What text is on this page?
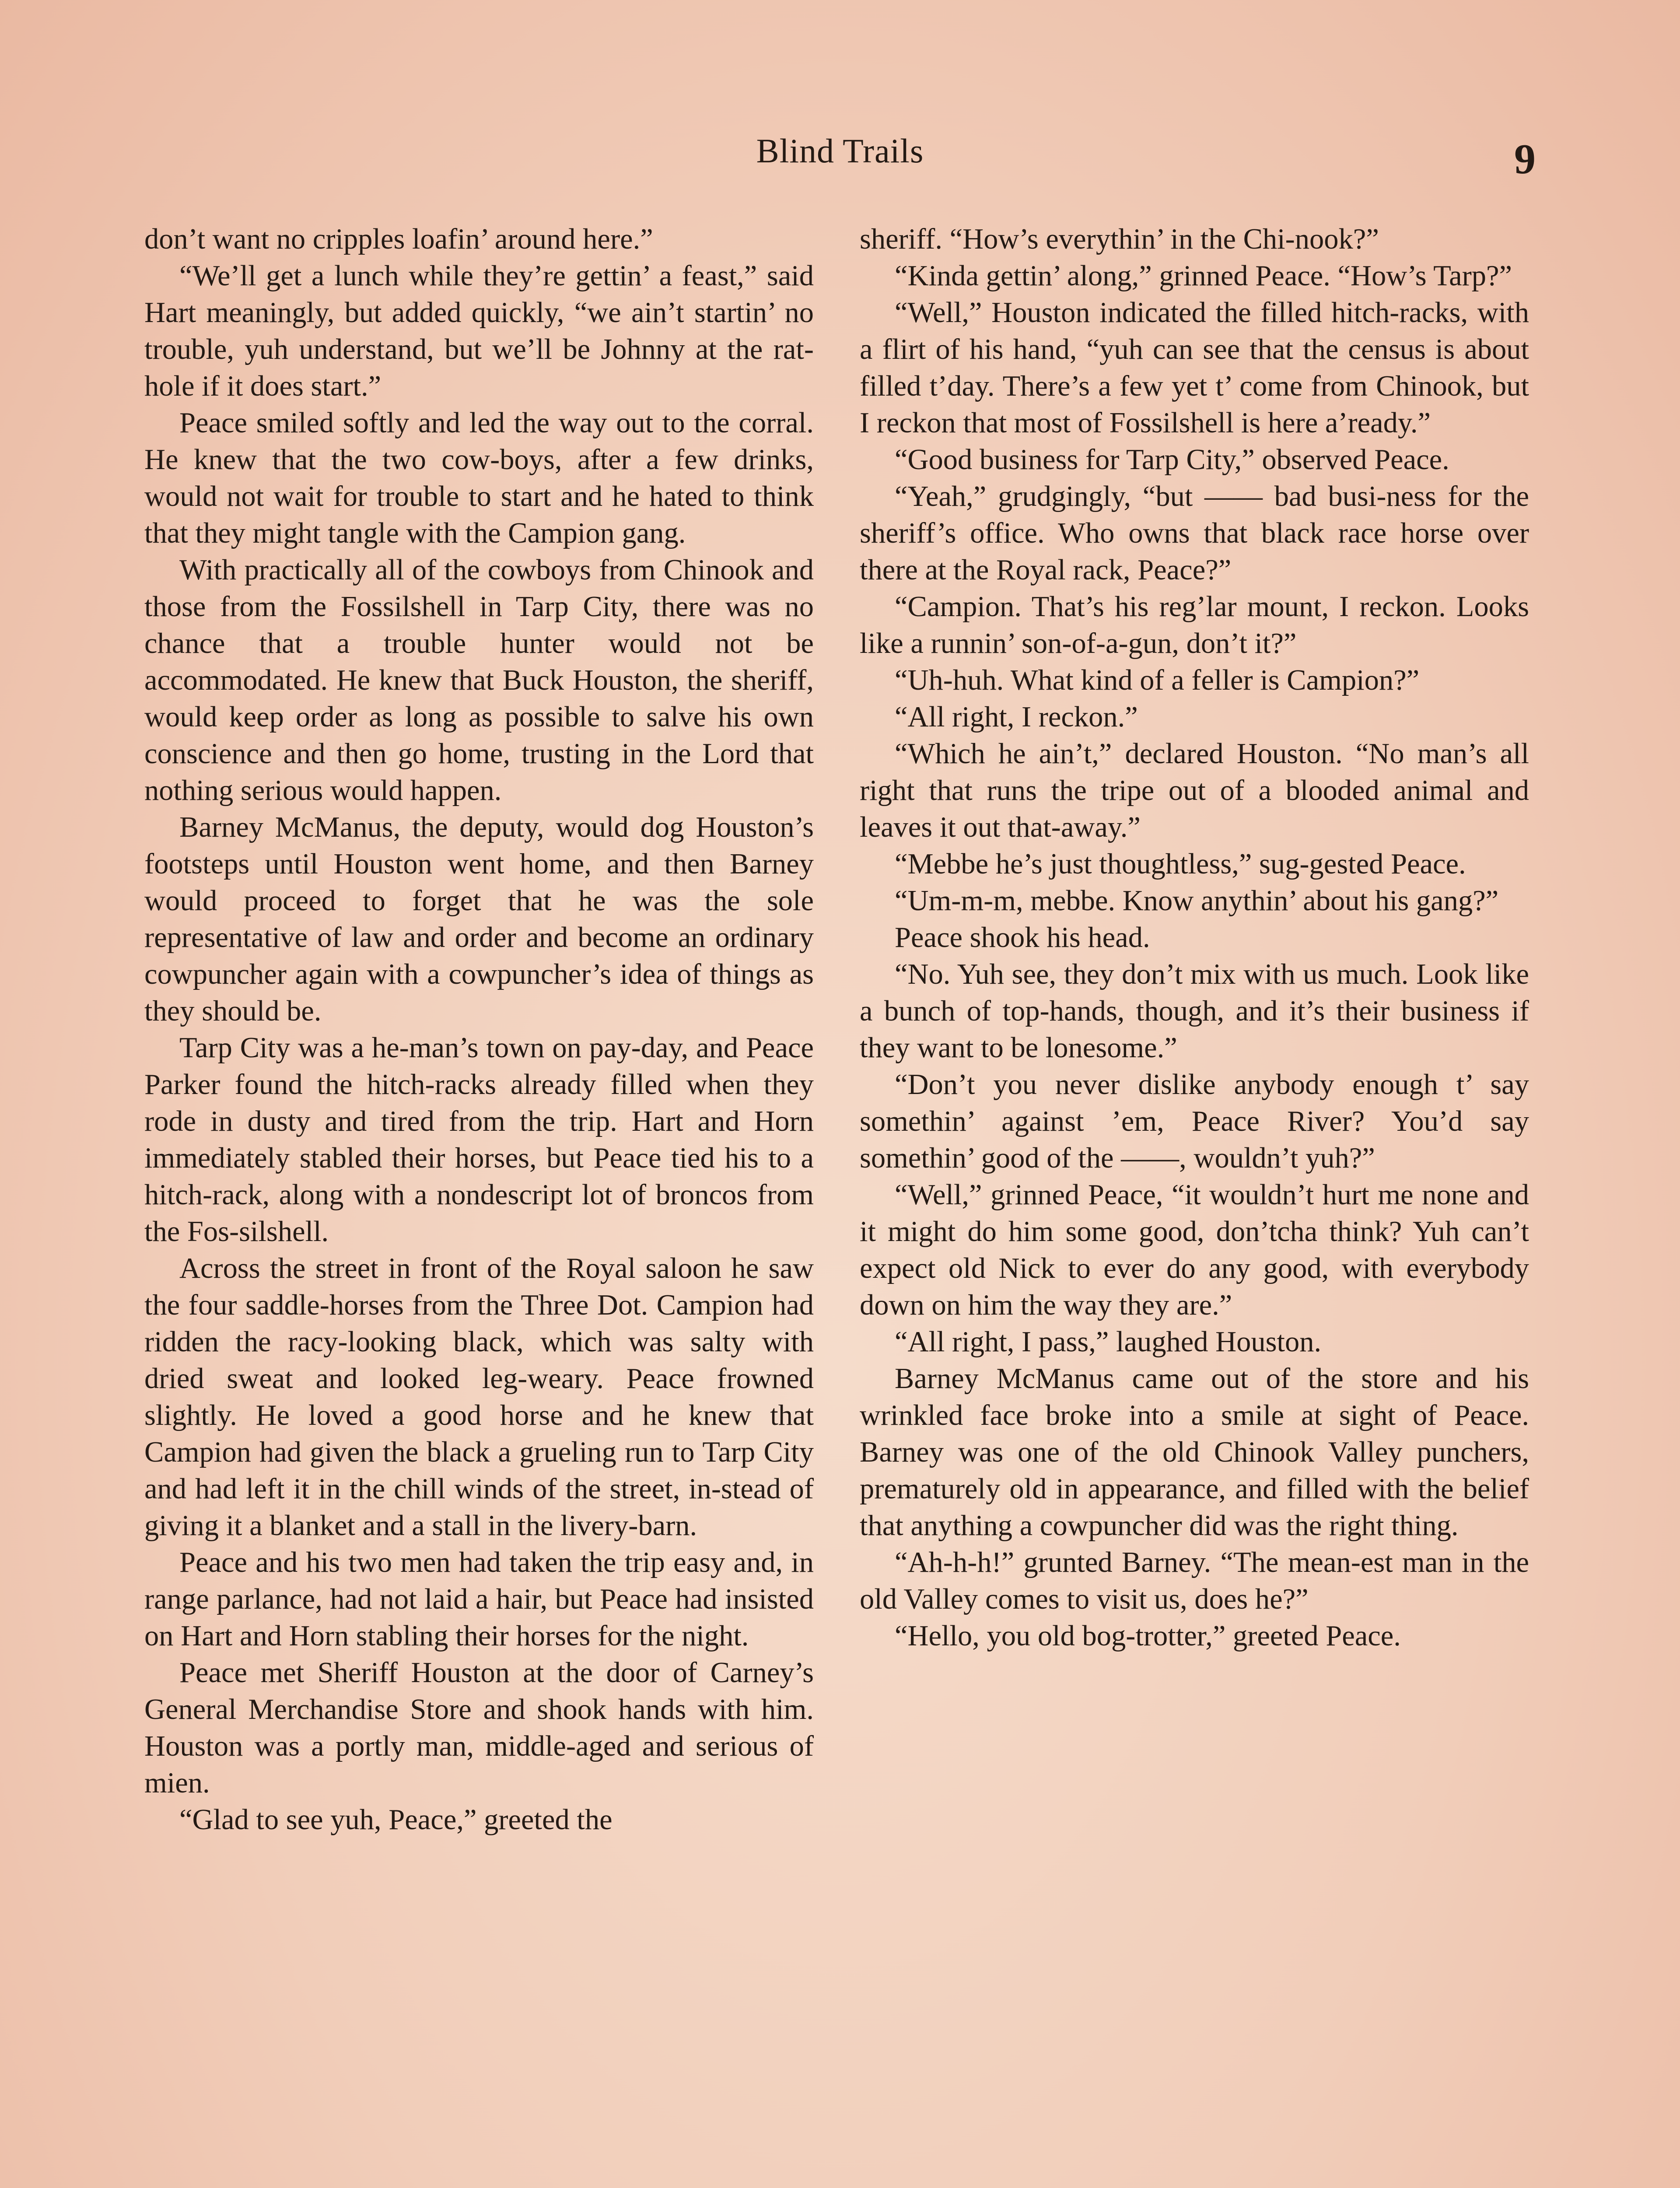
Blind Trails	9

don’t want no cripples loafin’ around here.”

“We’ll get a lunch while they’re gettin’ a feast,” said Hart meaningly, but added quickly, “we ain’t startin’ no trouble, yuh understand, but we’ll be Johnny at the rat-hole if it does start.”

Peace smiled softly and led the way out to the corral. He knew that the two cow-boys, after a few drinks, would not wait for trouble to start and he hated to think that they might tangle with the Campion gang.

With practically all of the cowboys from Chinook and those from the Fossilshell in Tarp City, there was no chance that a trouble hunter would not be accommodated. He knew that Buck Houston, the sheriff, would keep order as long as possible to salve his own conscience and then go home, trusting in the Lord that nothing serious would happen.

Barney McManus, the deputy, would dog Houston’s footsteps until Houston went home, and then Barney would proceed to forget that he was the sole representative of law and order and become an ordinary cowpuncher again with a cowpuncher’s idea of things as they should be.

Tarp City was a he-man’s town on pay-day, and Peace Parker found the hitch-racks already filled when they rode in dusty and tired from the trip. Hart and Horn immediately stabled their horses, but Peace tied his to a hitch-rack, along with a nondescript lot of broncos from the Fos-silshell.

Across the street in front of the Royal saloon he saw the four saddle-horses from the Three Dot. Campion had ridden the racy-looking black, which was salty with dried sweat and looked leg-weary. Peace frowned slightly. He loved a good horse and he knew that Campion had given the black a grueling run to Tarp City and had left it in the chill winds of the street, in-stead of giving it a blanket and a stall in the livery-barn.

Peace and his two men had taken the trip easy and, in range parlance, had not laid a hair, but Peace had insisted on Hart and Horn stabling their horses for the night.

Peace met Sheriff Houston at the door of Carney’s General Merchandise Store and shook hands with him. Houston was a portly man, middle-aged and serious of mien.

“Glad to see yuh, Peace,” greeted the

sheriff. “How’s everythin’ in the Chi-nook?”

“Kinda gettin’ along,” grinned Peace. “How’s Tarp?”

“Well,” Houston indicated the filled hitch-racks, with a flirt of his hand, “yuh can see that the census is about filled t’day. There’s a few yet t’ come from Chinook, but I reckon that most of Fossilshell is here a’ready.”

“Good business for Tarp City,” observed Peace.

“Yeah,” grudgingly, “but —— bad busi-ness for the sheriff’s office. Who owns that black race horse over there at the Royal rack, Peace?”

“Campion. That’s his reg’lar mount, I reckon. Looks like a runnin’ son-of-a-gun, don’t it?”

“Uh-huh. What kind of a feller is Campion?”

“All right, I reckon.”

“Which he ain’t,” declared Houston. “No man’s all right that runs the tripe out of a blooded animal and leaves it out that-away.”

“Mebbe he’s just thoughtless,” sug-gested Peace.

“Um-m-m, mebbe. Know anythin’ about his gang?”

Peace shook his head.

“No. Yuh see, they don’t mix with us much. Look like a bunch of top-hands, though, and it’s their business if they want to be lonesome.”

“Don’t you never dislike anybody enough t’ say somethin’ against ’em, Peace River? You’d say somethin’ good of the ——, wouldn’t yuh?”

“Well,” grinned Peace, “it wouldn’t hurt me none and it might do him some good, don’tcha think? Yuh can’t expect old Nick to ever do any good, with everybody down on him the way they are.”

“All right, I pass,” laughed Houston.

Barney McManus came out of the store and his wrinkled face broke into a smile at sight of Peace. Barney was one of the old Chinook Valley punchers, prematurely old in appearance, and filled with the belief that anything a cowpuncher did was the right thing.

“Ah-h-h!” grunted Barney. “The mean-est man in the old Valley comes to visit us, does he?”

“Hello, you old bog-trotter,” greeted Peace.
